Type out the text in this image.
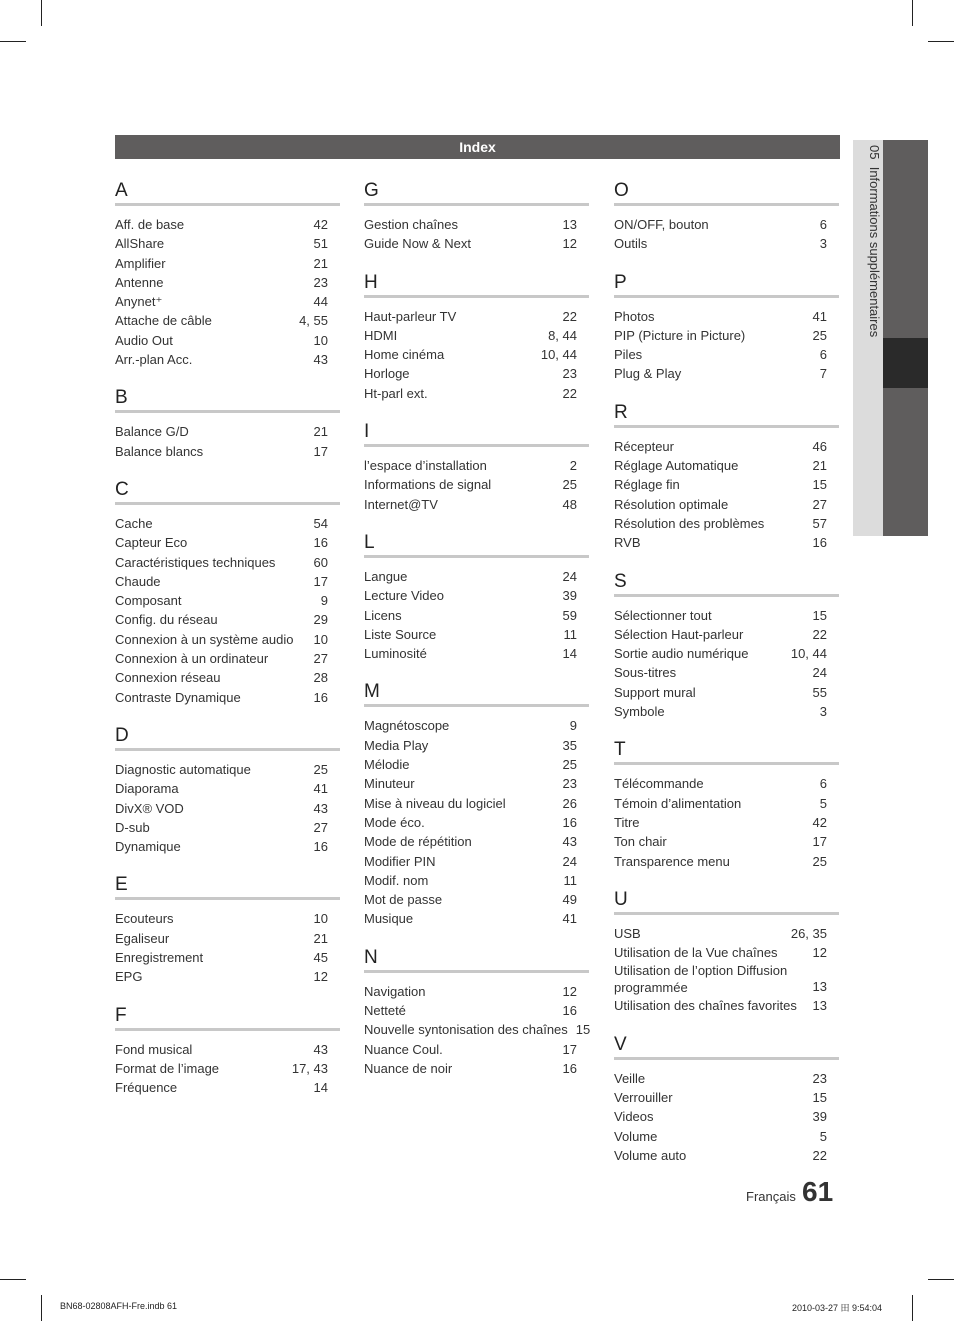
Index
A
Aff. de base	42
AllShare	51
Amplifier	21
Antenne	23
Anynet⁺	44
Attache de câble	4, 55
Audio Out	10
Arr.-plan Acc.	43
B
Balance G/D	21
Balance blancs	17
C
Cache	54
Capteur Eco	16
Caractéristiques techniques	60
Chaude	17
Composant	9
Config. du réseau	29
Connexion à un système audio 10
Connexion à un ordinateur	27
Connexion réseau	28
Contraste Dynamique	16
D
Diagnostic automatique	25
Diaporama	41
DivX® VOD	43
D-sub	27
Dynamique	16
E
Ecouteurs	10
Egaliseur	21
Enregistrement	45
EPG	12
F
Fond musical	43
Format de l’image	17, 43
Fréquence	14
G
Gestion chaînes	13
Guide Now & Next	12
H
Haut-parleur TV	22
HDMI	8, 44
Home cinéma	10, 44
Horloge	23
Ht-parl ext.	22
I
l’espace d’installation	2
Informations de signal	25
Internet@TV	48
L
Langue	24
Lecture Video	39
Licens	59
Liste Source	11
Luminosité	14
M
Magnétoscope	9
Media Play	35
Mélodie	25
Minuteur	23
Mise à niveau du logiciel	26
Mode éco.	16
Mode de répétition	43
Modifier PIN	24
Modif. nom	11
Mot de passe	49
Musique	41
N
Navigation	12
Netteté	16
Nouvelle syntonisation des chaînes 15
Nuance Coul.	17
Nuance de noir	16
O
ON/OFF, bouton	6
Outils	3
P
Photos	41
PIP (Picture in Picture)	25
Piles	6
Plug & Play	7
R
Récepteur	46
Réglage Automatique	21
Réglage fin	15
Résolution optimale	27
Résolution des problèmes	57
RVB	16
S
Sélectionner tout	15
Sélection Haut-parleur	22
Sortie audio numérique	10, 44
Sous-titres	24
Support mural	55
Symbole	3
T
Télécommande	6
Témoin d’alimentation	5
Titre	42
Ton chair	17
Transparence menu	25
U
USB	26, 35
Utilisation de la Vue chaînes	12
Utilisation de l’option Diffusion programmée	13
Utilisation des chaînes favorites 13
V
Veille	23
Verrouiller	15
Videos	39
Volume	5
Volume auto	22
05  Informations supplémentaires
Français 61
BN68-02808AFH-Fre.indb 61	2010-03-27 田 9:54:04
